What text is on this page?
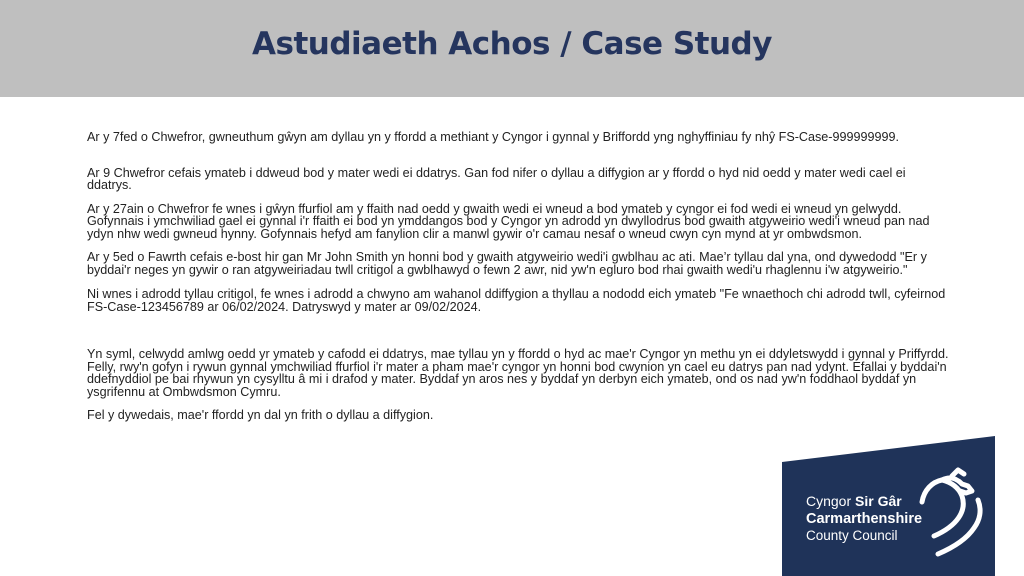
Astudiaeth Achos / Case Study

Ar y 7fed o Chwefror, gwneuthum gŵyn am dyllau yn y ffordd a methiant y Cyngor i gynnal y Briffordd yng nghyffiniau fy nhŷ FS-Case-999999999.

Ar 9 Chwefror cefais ymateb i ddweud bod y mater wedi ei ddatrys. Gan fod nifer o dyllau a diffygion ar y ffordd o hyd nid oedd y mater wedi cael ei ddatrys.

Ar y 27ain o Chwefror fe wnes i gŵyn ffurfiol am y ffaith nad oedd y gwaith wedi ei wneud a bod ymateb y cyngor ei fod wedi ei wneud yn gelwydd. Gofynnais i ymchwiliad gael ei gynnal i'r ffaith ei bod yn ymddangos bod y Cyngor yn adrodd yn dwyllodrus bod gwaith atgyweirio wedi'i wneud pan nad ydyn nhw wedi gwneud hynny. Gofynnais hefyd am fanylion clir a manwl gywir o'r camau nesaf o wneud cwyn cyn mynd at yr ombwdsmon.

Ar y 5ed o Fawrth cefais e-bost hir gan Mr John Smith yn honni bod y gwaith atgyweirio wedi'i gwblhau ac ati. Mae’r tyllau dal yna, ond dywedodd "Er y byddai'r neges yn gywir o ran atgyweiriadau twll critigol a gwblhawyd o fewn 2 awr, nid yw'n egluro bod rhai gwaith wedi'u rhaglennu i'w atgyweirio."

Ni wnes i adrodd tyllau critigol, fe wnes i adrodd a chwyno am wahanol ddiffygion a thyllau a nododd eich ymateb "Fe wnaethoch chi adrodd twll, cyfeirnod FS-Case-123456789 ar 06/02/2024. Datryswyd y mater ar 09/02/2024.

Yn syml, celwydd amlwg oedd yr ymateb y cafodd ei ddatrys, mae tyllau yn y ffordd o hyd ac mae'r Cyngor yn methu yn ei ddyletswydd i gynnal y Priffyrdd. Felly, rwy'n gofyn i rywun gynnal ymchwiliad ffurfiol i'r mater a pham mae'r cyngor yn honni bod cwynion yn cael eu datrys pan nad ydynt. Efallai y byddai'n ddefnyddiol pe bai rhywun yn cysylltu â mi i drafod y mater. Byddaf yn aros nes y byddaf yn derbyn eich ymateb, ond os nad yw'n foddhaol byddaf yn ysgrifennu at Ombwdsmon Cymru.

Fel y dywedais, mae'r ffordd yn dal yn frith o dyllau a diffygion.

Cyngor Sir Gâr
Carmarthenshire
County Council
